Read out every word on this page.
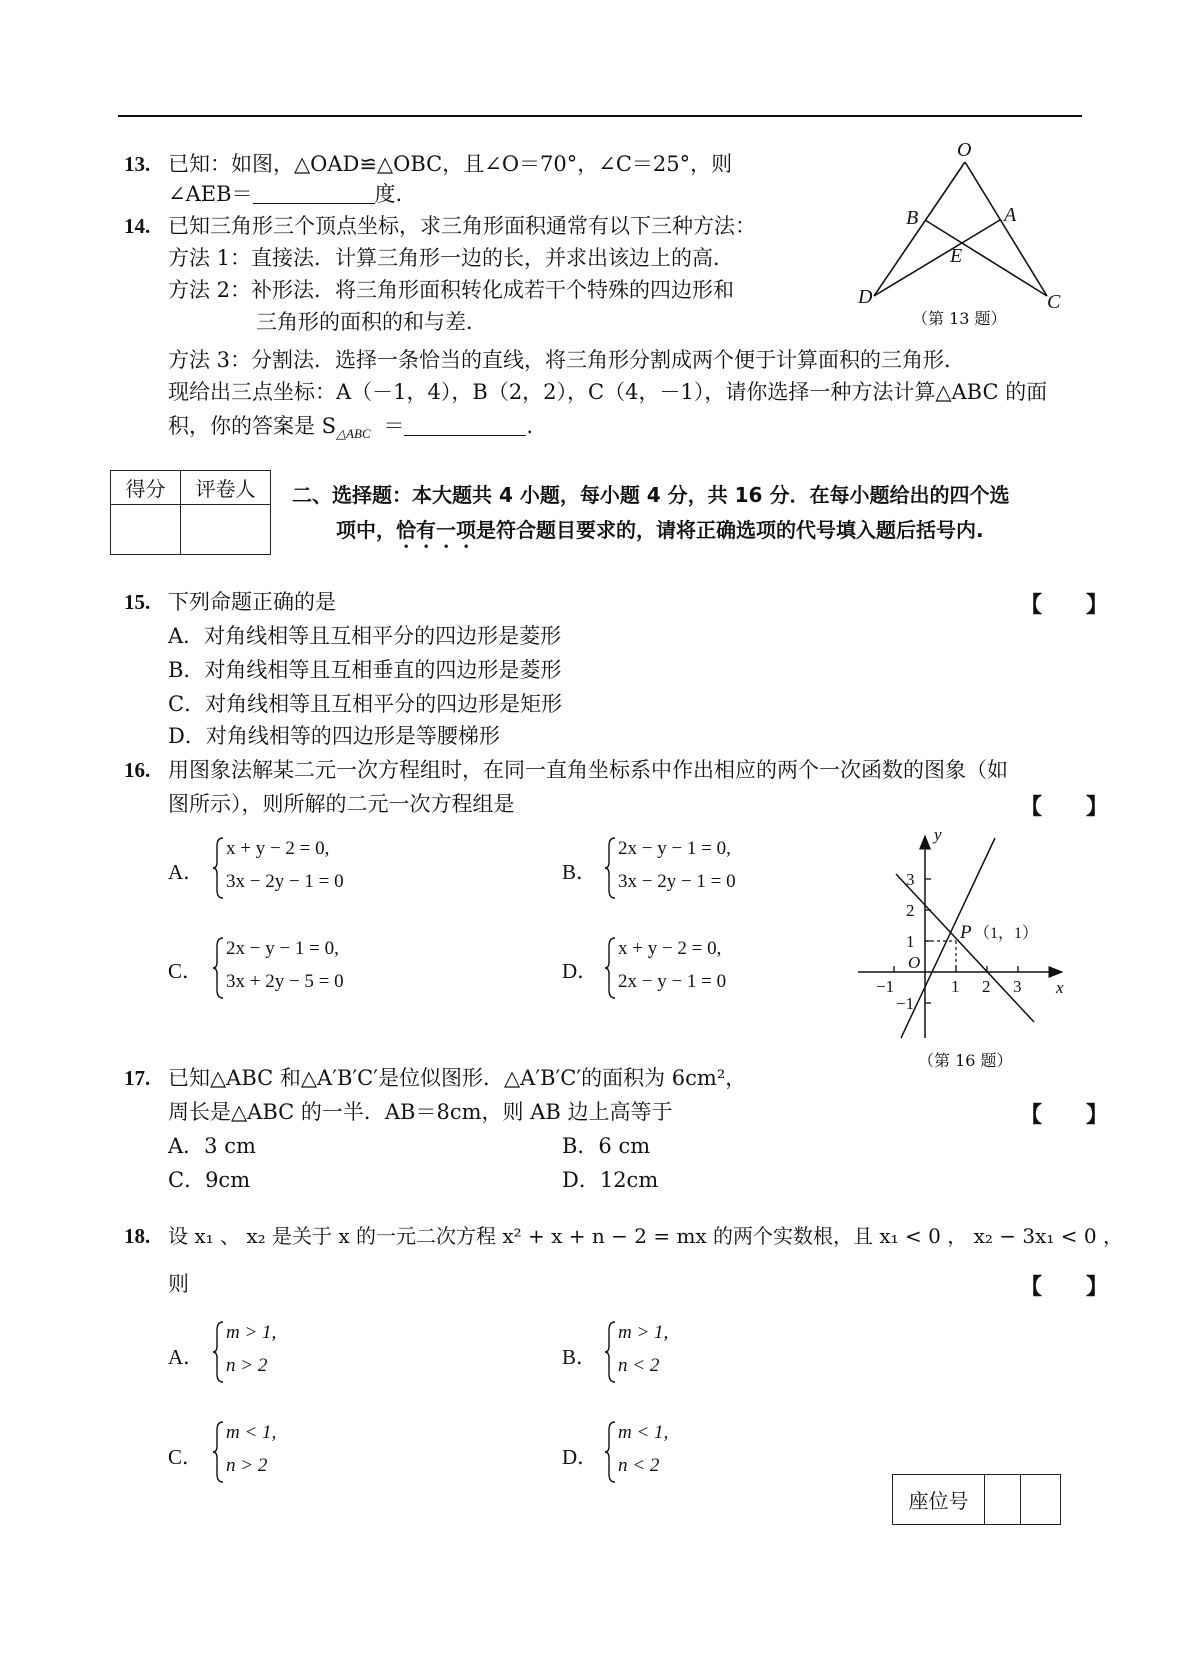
13. 已知：如图，△OAD≌△OBC，且∠O＝70°，∠C＝25°，则
∠AEB＝	度.
O
B	A
E
D	C
（第 13 题）
14. 已知三角形三个顶点坐标，求三角形面积通常有以下三种方法：
方法 1：直接法．计算三角形一边的长，并求出该边上的高．
方法 2：补形法．将三角形面积转化成若干个特殊的四边形和
三角形的面积的和与差．
方法 3：分割法．选择一条恰当的直线，将三角形分割成两个便于计算面积的三角形．
现给出三点坐标：A（－1，4），B（2，2），C（4，－1），请你选择一种方法计算△ABC 的面
积，你的答案是 $S_{\triangle ABC}$ ＝	.
得分	评卷人
	二、选择题：本大题共 4 小题，每小题 4 分，共 16 分．在每小题给出的四个选
项中，恰有一项是符合题目要求的，请将正确选项的代号填入题后括号内.
15. 下列命题正确的是	【　　】
A．对角线相等且互相平分的四边形是菱形
B．对角线相等且互相垂直的四边形是菱形
C．对角线相等且互相平分的四边形是矩形
D．对角线相等的四边形是等腰梯形
16. 用图象法解某二元一次方程组时，在同一直角坐标系中作出相应的两个一次函数的图象（如
图所示），则所解的二元一次方程组是	【　　】
A．
x + y − 2 = 0,
3x − 2y − 1 = 0	B．
2x − y − 1 = 0,
3x − 2y − 1 = 0
C．
2x − y − 1 = 0,
3x + 2y − 5 = 0	D．
x + y − 2 = 0,
2x − y − 1 = 0
y
x
O
−1	1 2 3
3
2
1
−1
P （1，1）
（第 16 题）
17. 已知△ABC 和△A′B′C′是位似图形．△A′B′C′的面积为 6cm²，
周长是△ABC 的一半．AB＝8cm，则 AB 边上高等于	【　　】
A．3 cm	B．6 cm
C．9cm	D．12cm
18. 设 x₁ 、 x₂ 是关于 x 的一元二次方程 x² + x + n − 2 = mx 的两个实数根，且 x₁ < 0 ， x₂ − 3x₁ < 0 ，
则	【　　】
A．
m > 1,
n > 2	B．
m > 1,
n < 2
C．
m < 1,
n > 2	D．
m < 1,
n < 2
座位号		
